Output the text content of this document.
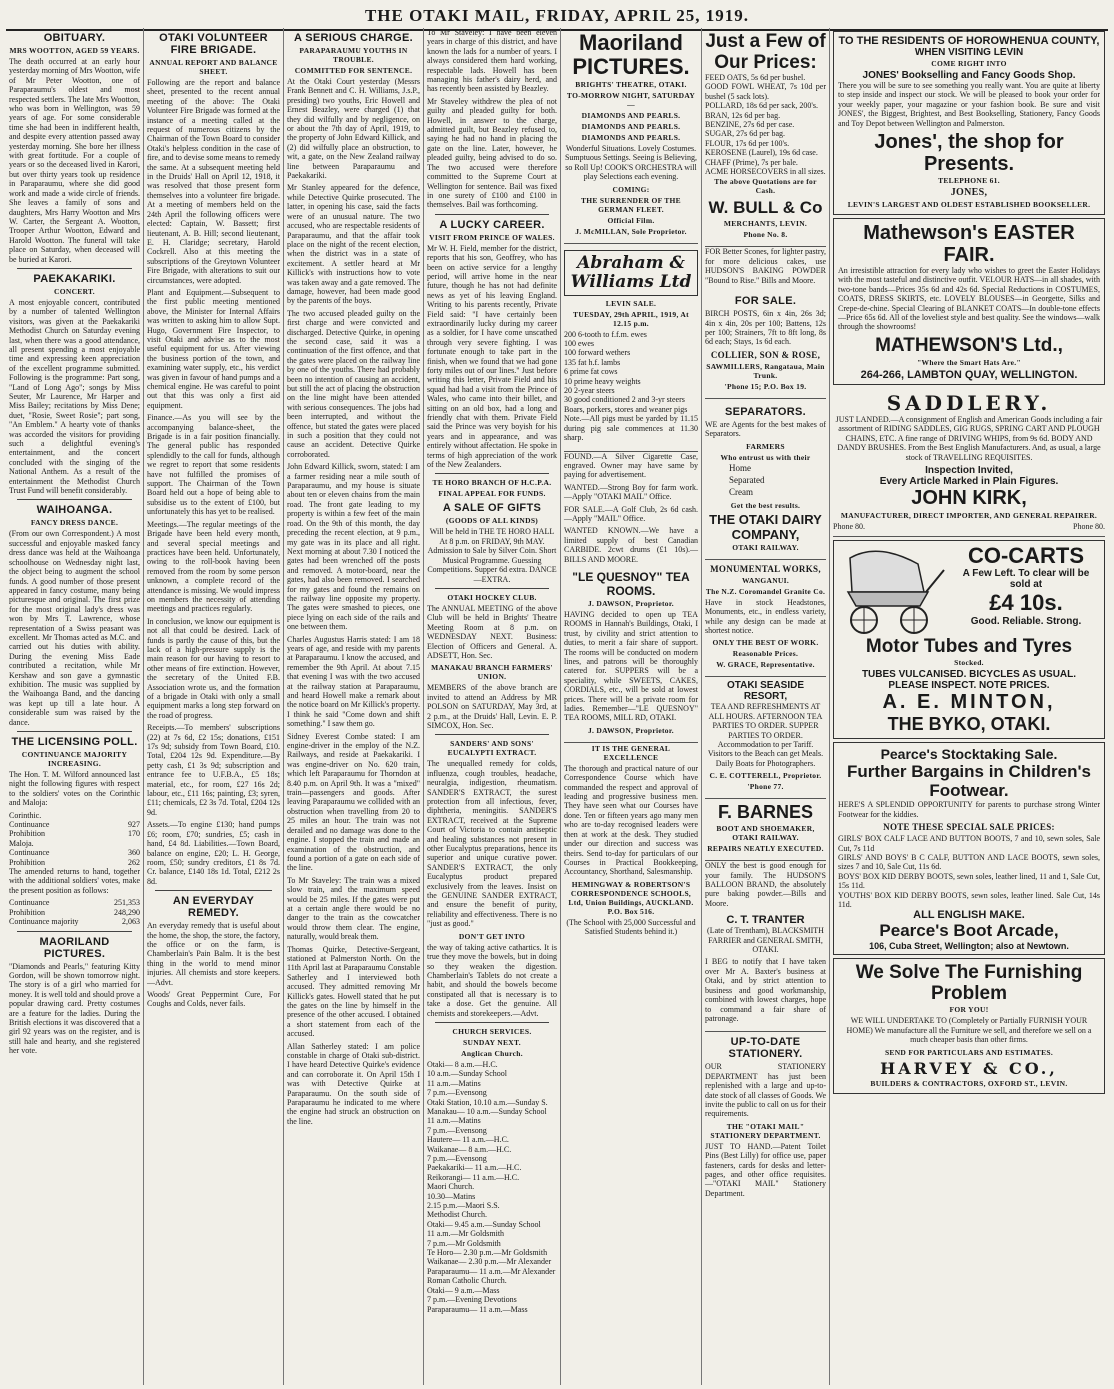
THE OTAKI MAIL, FRIDAY, APRIL 25, 1919.
OBITUARY.
MRS WOOTTON, AGED 59 YEARS.

The death occurred at an early hour yesterday morning of Mrs Wootton, wife of Mr Peter Wootton, one of Paraparaumu's oldest and most respected settlers. The late Mrs Wootton, who was born in Wellington, was 59 years of age. For some considerable time she had been in indifferent health, and despite every attention passed away yesterday morning. She bore her illness with great fortitude. For a couple of years or so the deceased lived in Karori, but over thirty years took up residence in Paraparaumu, where she did good work and made a wide circle of friends. She leaves a family of sons and daughters, Mrs Harry Wootton and Mrs W. Carter, the Sergeant A. Wootton, Trooper Arthur Wootton, Edward and Harold Wootton. The funeral will take place on Saturday, when deceased will be buried at Karori.

PAEKAKARIKI.
CONCERT.

A most enjoyable concert, contributed by a number of talented Wellington visitors, was given at the Paekakariki Methodist Church on Saturday evening last, when there was a good attendance, all present spending a most enjoyable time and expressing keen appreciation of the excellent programme submitted. Following is the programme: Part song, "Land of Long Ago"; songs by Miss Seuter, Mr Laurence, Mr Harper and Miss Bailey; recitations by Miss Dene; duet, "Rosie, Sweet Rosie"; part song, "An Emblem." A hearty vote of thanks was accorded the visitors for providing such a delightful evening's entertainment, and the concert concluded with the singing of the National Anthem. As a result of the entertainment the Methodist Church Trust Fund will benefit considerably.

WAIHOANGA.
FANCY DRESS DANCE.

(From our own Correspondent.) A most successful and enjoyable masked fancy dress dance was held at the Waihoanga schoolhouse on Wednesday night last, the object being to augment the school funds. A good number of those present appeared in fancy costume, many being picturesque and original. The first prize for the most original lady's dress was won by Mrs T. Lawrence, whose representation of a Swiss peasant was excellent. Mr Thomas acted as M.C. and carried out his duties with ability. During the evening Miss Eade contributed a recitation, while Mr Kershaw and son gave a gymnastic exhibition. The music was supplied by the Waihoanga Band, and the dancing was kept up till a late hour. A considerable sum was raised by the dance.

THE LICENSING POLL.
CONTINUANCE MAJORITY INCREASING.

The Hon. T. M. Wilford announced last night the following figures with respect to the soldiers' votes on the Corinthic and Maloja:

Corinthic.
Continuance	927
Prohibition	170
Maloja.
Continuance	360
Prohibition	262

The amended returns to hand, together with the additional soldiers' votes, make the present position as follows:

Continuance	251,353
Prohibition	248,290
Continuance majority	2,063
MAORILAND PICTURES.

"Diamonds and Pearls," featuring Kitty Gordon, will be shown tomorrow night. The story is of a girl who married for money. It is well told and should prove a popular drawing card. Pretty costumes are a feature for the ladies. During the British elections it was discovered that a girl 92 years was on the register, and is still hale and hearty, and she registered her vote.

OTAKI VOLUNTEER FIRE BRIGADE.
ANNUAL REPORT AND BALANCE SHEET.

Following are the report and balance sheet, presented to the recent annual meeting of the above: The Otaki Volunteer Fire Brigade was formed at the instance of a meeting called at the request of numerous citizens by the Chairman of the Town Board to consider Otaki's helpless condition in the case of fire, and to devise some means to remedy the same. At a subsequent meeting held in the Druids' Hall on April 12, 1918, it was resolved that those present form themselves into a volunteer fire brigade. At a meeting of members held on the 24th April the following officers were elected: Captain, W. Bassett; first lieutenant, A. B. Hill; second lieutenant, E. H. Claridge; secretary, Harold Cockrell. Also at this meeting the subscriptions of the Greytown Volunteer Fire Brigade, with alterations to suit our circumstances, were adopted.

Plant and Equipment.—Subsequent to the first public meeting mentioned above, the Minister for Internal Affairs was written to asking him to allow Supt. Hugo, Government Fire Inspector, to visit Otaki and advise as to the most useful equipment for us. After viewing the business portion of the town, and examining water supply, etc., his verdict was given in favour of hand pumps and a chemical engine. He was careful to point out that this was only a first aid equipment.

Finance.—As you will see by the accompanying balance-sheet, the Brigade is in a fair position financially. The general public has responded splendidly to the call for funds, although we regret to report that some residents have not fulfilled the promises of support. The Chairman of the Town Board held out a hope of being able to subsidise us to the extent of £100, but unfortunately this has yet to be realised.

Meetings.—The regular meetings of the Brigade have been held every month, and several special meetings and practices have been held. Unfortunately, owing to the roll-book having been removed from the room by some person unknown, a complete record of the attendance is missing. We would impress on members the necessity of attending meetings and practices regularly.

In conclusion, we know our equipment is not all that could be desired. Lack of funds is partly the cause of this, but the lack of a high-pressure supply is the main reason for our having to resort to other means of fire extinction. However, the secretary of the United F.B. Association wrote us, and the formation of a brigade in Otaki with only a small equipment marks a long step forward on the road of progress.

Receipts.—To members' subscriptions (22) at 7s 6d, £2 15s; donations, £151 17s 9d; subsidy from Town Board, £10. Total, £204 12s 9d. Expenditure.—By petty cash, £1 3s 9d; subscription and entrance fee to U.F.B.A., £5 18s; material, etc., for room, £27 16s 2d; labour, etc., £11 16s; painting, £3; syren, £11; chemicals, £2 3s 7d. Total, £204 12s 9d.

Assets.—To engine £130; hand pumps £6; room, £70; sundries, £5; cash in hand, £4 8d. Liabilities.—Town Board, balance on engine, £20; L. H. George, room, £50; sundry creditors, £1 8s 7d. Cr. balance, £140 18s 1d. Total, £212 2s 8d.

AN EVERYDAY REMEDY.

An everyday remedy that is useful about the home, the shop, the store, the factory, the office or on the farm, is Chamberlain's Pain Balm. It is the best thing in the world to mend minor injuries. All chemists and store keepers.—Advt.

Woods' Great Peppermint Cure, For Coughs and Colds, never fails.

A SERIOUS CHARGE.
PARAPARAUMU YOUTHS IN TROUBLE.
COMMITTED FOR SENTENCE.

At the Otaki Court yesterday (Messrs Frank Bennett and C. H. Williams, J.s.P., presiding) two youths, Eric Howell and Ernest Beazley, were charged (1) that they did wilfully and by negligence, on or about the 7th day of April, 1919, to the property of John Edward Killick, and (2) did wilfully place an obstruction, to wit, a gate, on the New Zealand railway line between Paraparaumu and Paekakariki.

Mr Stanley appeared for the defence, while Detective Quirke prosecuted. The latter, in opening his case, said the facts were of an unusual nature. The two accused, who are respectable residents of Paraparaumu, and that the affair took place on the night of the recent election, when the district was in a state of excitement. A settler heard at Mr Killick's with instructions how to vote was taken away and a gate removed. The damage, however, had been made good by the parents of the boys.

The two accused pleaded guilty on the first charge and were convicted and discharged. Detective Quirke, in opening the second case, said it was a continuation of the first offence, and that the gates were placed on the railway line by one of the youths. There had probably been no intention of causing an accident, but still the act of placing the obstruction on the line might have been attended with serious consequences. The jobs had been interrupted, and without the offence, but stated the gates were placed in such a position that they could not cause an accident. Detective Quirke corroborated.

John Edward Killick, sworn, stated: I am a farmer residing near a mile south of Paraparaumu, and my house is situate about ten or eleven chains from the main road. The front gate leading to my property is within a few feet of the main road. On the 9th of this month, the day preceding the recent election, at 9 p.m., my gate was in its place and all right. Next morning at about 7.30 I noticed the gates had been wrenched off the posts and removed. A motor-board, near the gates, had also been removed. I searched for my gates and found the remains on the railway line opposite my property. The gates were smashed to pieces, one piece lying on each side of the rails and one between them.

Charles Augustus Harris stated: I am 18 years of age, and reside with my parents at Paraparaumu. I know the accused, and remember the 9th April. At about 7.15 that evening I was with the two accused at the railway station at Paraparaumu, and heard Howell make a remark about the notice board on Mr Killick's property. I think he said "Come down and shift something." I saw them go.

Sidney Everest Combe stated: I am engine-driver in the employ of the N.Z. Railways, and reside at Paekakariki. I was engine-driver on No. 620 train, which left Paraparaumu for Thorndon at 8.40 p.m. on April 9th. It was a "mixed" train—passengers and goods. After leaving Paraparaumu we collided with an obstruction when travelling from 20 to 25 miles an hour. The train was not derailed and no damage was done to the engine. I stopped the train and made an examination of the obstruction, and found a portion of a gate on each side of the line.

To Mr Staveley: The train was a mixed slow train, and the maximum speed would be 25 miles. If the gates were put at a certain angle there would be no danger to the train as the cowcatcher would throw them clear. The engine, naturally, would break them.

Thomas Quirke, Detective-Sergeant, stationed at Palmerston North. On the 11th April last at Paraparaumu Constable Satherley and I interviewed both accused. They admitted removing Mr Killick's gates. Howell stated that he put the gates on the line by himself in the presence of the other accused. I obtained a short statement from each of the accused.

Allan Satherley stated: I am police constable in charge of Otaki sub-district. I have heard Detective Quirke's evidence and can corroborate it. On April 15th I was with Detective Quirke at Paraparaumu. On the south side of Paraparaumu he indicated to me where the engine had struck an obstruction on the line.

To Mr Staveley: I have been eleven years in charge of this district, and have known the lads for a number of years. I always considered them hard working, respectable lads. Howell has been managing his father's dairy herd, and has recently been assisted by Beazley.

Mr Staveley withdrew the plea of not guilty and pleaded guilty for both. Howell, in answer to the charge, admitted guilt, but Beazley refused to, saying he had no hand in placing the gate on the line. Later, however, he pleaded guilty, being advised to do so. The two accused were therefore committed to the Supreme Court at Wellington for sentence. Bail was fixed in one surety of £100 and £100 in themselves. Bail was forthcoming.

A LUCKY CAREER.
VISIT FROM PRINCE OF WALES.

Mr W. H. Field, member for the district, reports that his son, Geoffrey, who has been on active service for a lengthy period, will arrive home in the near future, though he has not had definite news as yet of his leaving England. Writing to his parents recently, Private Field said: "I have certainly been extraordinarily lucky during my career as a soldier, for I have come unscathed through very severe fighting. I was fortunate enough to take part in the finish, when we found that we had gone forty miles out of our lines." Just before writing this letter, Private Field and his squad had had a visit from the Prince of Wales, who came into their billet, and sitting on an old box, had a long and friendly chat with them. Private Field said the Prince was very boyish for his years and in appearance, and was entirely without affectation. He spoke in terms of high appreciation of the work of the New Zealanders.

TE HORO BRANCH OF H.C.P.A.
FINAL APPEAL FOR FUNDS.
A SALE OF GIFTS
(GOODS OF ALL KINDS)

Will be held in THE TE HORO HALL At 8 p.m. on FRIDAY, 9th MAY. Admission to Sale by Silver Coin. Short Musical Programme. Guessing Competitions. Supper 6d extra. DANCE—EXTRA.

OTAKI HOCKEY CLUB.

The ANNUAL MEETING of the above Club will be held in Brights' Theatre Meeting Room at 8 p.m. on WEDNESDAY NEXT. Business: Election of Officers and General. A. ADSETT, Hon. Sec.

MANAKAU BRANCH FARMERS' UNION.

MEMBERS of the above branch are invited to attend an Address by MR POLSON on SATURDAY, May 3rd, at 2 p.m., at the Druids' Hall, Levin. E. P. SIMCOX, Hon. Sec.

SANDERS' AND SONS' EUCALYPTI EXTRACT.

The unequalled remedy for colds, influenza, cough troubles, headache, neuralgia, indigestion, rheumatism. SANDER'S EXTRACT, the surest protection from all infectious, fever, diphtheria, meningitis. SANDER'S EXTRACT, received at the Supreme Court of Victoria to contain antiseptic and healing substances not present in other Eucalyptus preparations, hence its superior and unique curative power. SANDER'S EXTRACT, the only Eucalyptus product prepared exclusively from the leaves. Insist on the GENUINE SANDER EXTRACT, and ensure the benefit of purity, reliability and effectiveness. There is no "just as good."

DON'T GET INTO

the way of taking active cathartics. It is true they move the bowels, but in doing so they weaken the digestion. Chamberlain's Tablets do not create a habit, and should the bowels become constipated all that is necessary is to take a dose. Get the genuine. All chemists and storekeepers.—Advt.

CHURCH SERVICES.
SUNDAY NEXT.
Anglican Church.
Otaki— 8 a.m.—H.C.
10 a.m.—Sunday School
11 a.m.—Matins
7 p.m.—Evensong
Otaki Station, 10.10 a.m.—Sunday S.
Manakau— 10 a.m.—Sunday School
11 a.m.—Matins
7 p.m.—Evensong
Hautere— 11 a.m.—H.C.
Waikanae— 8 a.m.—H.C.
7 p.m.—Evensong
Paekakariki— 11 a.m.—H.C.
Reikorangi— 11 a.m.—H.C.
Maori Church.
10.30—Matins
2.15 p.m.—Maori S.S.
Methodist Church.
Otaki— 9.45 a.m.—Sunday School
11 a.m.—Mr Goldsmith
7 p.m.—Mr Goldsmith
Te Horo— 2.30 p.m.—Mr Goldsmith
Waikanae— 2.30 p.m.—Mr Alexander
Paraparaumu— 11 a.m.—Mr Alexander
Roman Catholic Church.
Otaki— 9 a.m.—Mass
7 p.m.—Evening Devotions
Paraparaumu— 11 a.m.—Mass
Maoriland PICTURES.
BRIGHTS' THEATRE, OTAKI.
TO-MORROW NIGHT, SATURDAY—
DIAMONDS AND PEARLS.
DIAMONDS AND PEARLS.
DIAMONDS AND PEARLS.

Wonderful Situations. Lovely Costumes. Sumptuous Settings. Seeing is Believing, so Roll Up! COOK'S ORCHESTRA will play Selections each evening.

COMING:
THE SURRENDER OF THE GERMAN FLEET.
Official Film.
J. McMILLAN, Sole Proprietor.
Abraham & Williams Ltd
LEVIN SALE.
TUESDAY, 29th APRIL, 1919, At 12.15 p.m.
200 6-tooth to f.f.m. ewes
100 ewes
100 forward wethers
135 fat h.f. lambs
6 prime fat cows
10 prime heavy weights
20 2-year steers
30 good conditioned 2 and 3-yr steers
Boars, porkers, stores and weaner pigs

Note.—All pigs must be yarded by 11.15 during pig sale commences at 11.30 sharp.

FOUND.—A Silver Cigarette Case, engraved. Owner may have same by paying for advertisement.

WANTED.—Strong Boy for farm work.—Apply "OTAKI MAIL" Office.

FOR SALE.—A Golf Club, 2s 6d cash.—Apply "MAIL" Office.

WANTED KNOWN.—We have a limited supply of best Canadian CARBIDE. 2cwt drums (£1 10s).—BILLS AND MOORE.

"LE QUESNOY" TEA ROOMS.
J. DAWSON, Proprietor.

HAVING decided to open up TEA ROOMS in Hannah's Buildings, Otaki, I trust, by civility and strict attention to duties, to merit a fair share of support. The rooms will be conducted on modern lines, and patrons will be thoroughly catered for. SUPPERS will be a speciality, while SWEETS, CAKES, CORDIALS, etc., will be sold at lowest prices. There will be a private room for ladies. Remember—"LE QUESNOY" TEA ROOMS, MILL RD, OTAKI.

J. DAWSON, Proprietor.
IT IS THE GENERAL EXCELLENCE

The thorough and practical nature of our Correspondence Course which have commanded the respect and approval of leading and progressive business men. They have seen what our Courses have done. Ten or fifteen years ago many men who are to-day recognised leaders were then at work at the desk. They studied under our direction and success was theirs. Send to-day for particulars of our Courses in Practical Bookkeeping, Accountancy, Shorthand, Salesmanship.

HEMINGWAY & ROBERTSON'S CORRESPONDENCE SCHOOLS, Ltd, Union Buildings, AUCKLAND. P.O. Box 516.

(The School with 25,000 Successful and Satisfied Students behind it.)

Just a Few of Our Prices:
FEED OATS, 5s 6d per bushel.
GOOD FOWL WHEAT, 7s 10d per bushel (5 sack lots).
POLLARD, 18s 6d per sack, 200's.
BRAN, 12s 6d per bag.
BENZINE, 27s 6d per case.
SUGAR, 27s 6d per bag.
FLOUR, 17s 6d per 100's.
KEROSENE (Laurel), 19s 6d case.
CHAFF (Prime), 7s per bale.
ACME HORSECOVERS in all sizes.
The above Quotations are for Cash.
W. BULL & Co
MERCHANTS, LEVIN.
Phone No. 8.

FOR Better Scones, for lighter pastry, for more delicious cakes, use HUDSON'S BAKING POWDER "Bound to Rise." Bills and Moore.

FOR SALE.

BIRCH POSTS, 6in x 4in, 26s 3d; 4in x 4in, 20s per 100; Battens, 12s per 100; Strainers, 7ft to 8ft long, 8s 6d each; Stays, 1s 6d each.

COLLIER, SON & ROSE,
SAWMILLERS, Rangataua, Main Trunk.
'Phone 15; P.O. Box 19.
SEPARATORS.

WE are Agents for the best makes of Separators.

FARMERS
Who entrust us with their
Home
Separated
Cream
Get the best results.
THE OTAKI DAIRY COMPANY,
OTAKI RAILWAY.
MONUMENTAL WORKS,
WANGANUI.
The N.Z. Coromandel Granite Co.

Have in stock Headstones, Monuments, etc., in endless variety, while any design can be made at shortest notice.

ONLY THE BEST OF WORK.
Reasonable Prices.
W. GRACE, Representative.
OTAKI SEASIDE RESORT,

TEA AND REFRESHMENTS AT ALL HOURS. AFTERNOON TEA PARTIES TO ORDER. SUPPER PARTIES TO ORDER. Accommodation to per Tariff. Visitors to the Beach can get Meals. Daily Boats for Photographers.

C. E. COTTERELL, Proprietor.
'Phone 77.
F. BARNES
BOOT AND SHOEMAKER, OTAKI RAILWAY.
REPAIRS NEATLY EXECUTED.

ONLY the best is good enough for your family. The HUDSON'S BALLOON BRAND, the absolutely pure baking powder.—Bills and Moore.

C. T. TRANTER

(Late of Trentham), BLACKSMITH FARRIER and GENERAL SMITH, OTAKI.

I BEG to notify that I have taken over Mr A. Baxter's business at Otaki, and by strict attention to business and good workmanship, combined with lowest charges, hope to command a fair share of patronage.

UP-TO-DATE STATIONERY.

OUR STATIONERY DEPARTMENT has just been replenished with a large and up-to-date stock of all classes of Goods. We invite the public to call on us for their requirements.

THE "OTAKI MAIL" STATIONERY DEPARTMENT.

JUST TO HAND.—Patent Toilet Pins (Best Lilly) for office use, paper fasteners, cards for desks and letter-pages, and other office requisites.—"OTAKI MAIL" Stationery Department.

TO THE RESIDENTS OF HOROWHENUA COUNTY,
WHEN VISITING LEVIN
COME RIGHT INTO
JONES' Bookselling and Fancy Goods Shop.

There you will be sure to see something you really want. You are quite at liberty to step inside and inspect our stock. We will be pleased to book your order for your weekly paper, your magazine or your fashion book. Be sure and visit JONES', the Biggest, Brightest, and Best Bookselling, Stationery, Fancy Goods and Toy Depot between Wellington and Palmerston.

Jones', the shop for Presents.
TELEPHONE 61.
JONES,
LEVIN'S LARGEST AND OLDEST ESTABLISHED BOOKSELLER.
Mathewson's EASTER FAIR.

An irresistible attraction for every lady who wishes to greet the Easter Holidays with the most tasteful and distinctive outfit. VELOUR HATS—in all shades, with two-tone bands—Prices 35s 6d and 42s 6d. Special Reductions in COSTUMES, COATS, DRESS SKIRTS, etc. LOVELY BLOUSES—in Georgette, Silks and Crepe-de-chine. Special Clearing of BLANKET COATS—In double-tone effects—Price 65s 6d. All of the loveliest style and best quality. See the windows—walk through the showrooms!

MATHEWSON'S Ltd.,
"Where the Smart Hats Are."
264-266, LAMBTON QUAY, WELLINGTON.
SADDLERY.

JUST LANDED.—A consignment of English and American Goods including a fair assortment of RIDING SADDLES, GIG RUGS, SPRING CART AND PLOUGH CHAINS, ETC. A fine range of DRIVING WHIPS, from 9s 6d. BODY AND DANDY BRUSHES. From the Best English Manufacturers. And, as usual, a large stock of TRAVELLING REQUISITES.

Inspection Invited,
Every Article Marked in Plain Figures.
JOHN KIRK,
MANUFACTURER, DIRECT IMPORTER, AND GENERAL REPAIRER.
Phone 80.	Phone 80.
CO-CARTS
A Few Left. To clear will be sold at
£4 10s.
Good. Reliable. Strong.
Motor Tubes and Tyres
Stocked.
TUBES VULCANISED. BICYCLES AS USUAL.
PLEASE INSPECT. NOTE PRICES.
A. E. MINTON,
THE BYKO, OTAKI.
Pearce's Stocktaking Sale.
Further Bargains in Children's Footwear.

HERE'S A SPLENDID OPPORTUNITY for parents to purchase strong Winter Footwear for the kiddies.

NOTE THESE SPECIAL SALE PRICES:
GIRLS' BOX CALF LACE AND BUTTON BOOTS, 7 and 10, sewn soles, Sale Cut, 7s 11d
GIRLS' AND BOYS' B C CALF, BUTTON AND LACE BOOTS, sewn soles, sizes 7 and 10, Sale Cut, 11s 6d.
BOYS' BOX KID DERBY BOOTS, sewn soles, leather lined, 11 and 1, Sale Cut, 15s 11d.
YOUTHS' BOX KID DERBY BOOTS, sewn soles, leather lined. Sale Cut, 14s 11d.
ALL ENGLISH MAKE.
Pearce's Boot Arcade,
106, Cuba Street, Wellington; also at Newtown.
We Solve The Furnishing Problem
FOR YOU!

WE WILL UNDERTAKE TO (Completely or Partially FURNISH YOUR HOME) We manufacture all the Furniture we sell, and therefore we sell on a much cheaper basis than other firms.

SEND FOR PARTICULARS AND ESTIMATES.
HARVEY & CO.,
BUILDERS & CONTRACTORS, OXFORD ST., LEVIN.
